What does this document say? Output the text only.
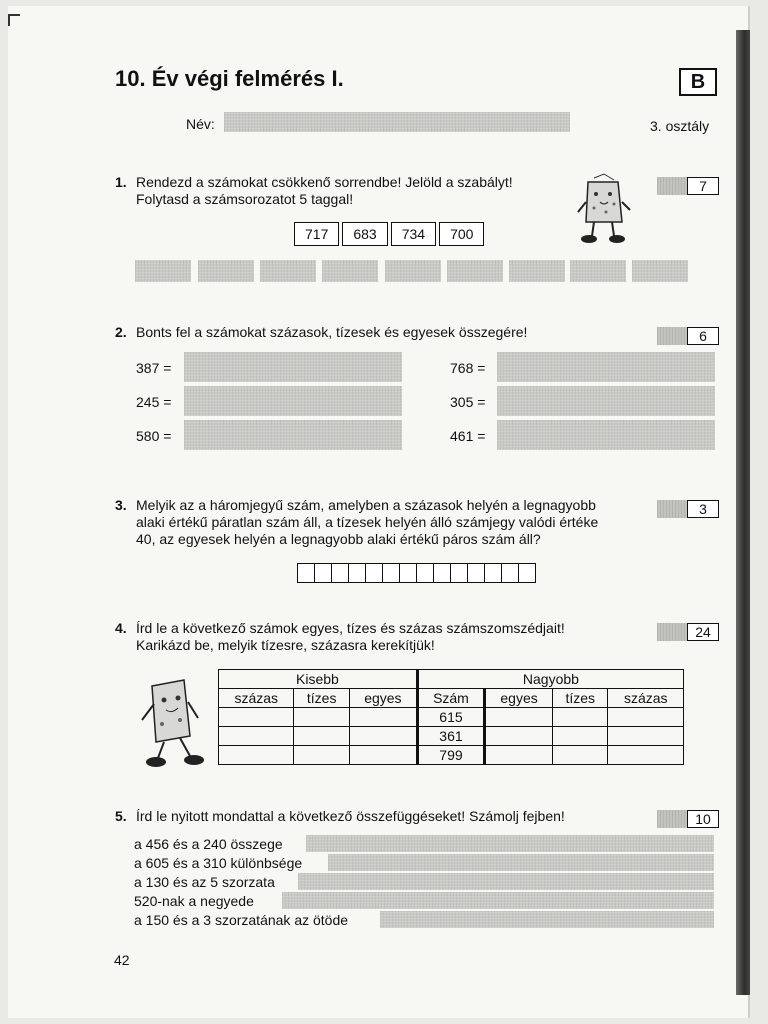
10. Év végi felmérés I.	B
Név:	3. osztály
1. Rendezd a számokat csökkenő sorrendbe! Jelöld a szabályt!
Folytasd a számsorozatot 5 taggal!
7
717 683 734 700
2. Bonts fel a számokat százasok, tízesek és egyesek összegére!	6
387 =
245 =
580 =
768 =
305 =
461 =
3. Melyik az a háromjegyű szám, amelyben a százasok helyén a legnagyobb
alaki értékű páratlan szám áll, a tízesek helyén álló számjegy valódi értéke
40, az egyesek helyén a legnagyobb alaki értékű páros szám áll?
3
4. Írd le a következő számok egyes, tízes és százas számszomszédjait!
Karikázd be, melyik tízesre, százasra kerekítjük!
24
Kisebb			Nagyobb			
százas	tízes	egyes	Szám	egyes	tízes	százas
			615			
			361			
			799			
5. Írd le nyitott mondattal a következő összefüggéseket! Számolj fejben!	10
a 456 és a 240 összege
a 605 és a 310 különbsége
a 130 és az 5 szorzata
520-nak a negyede
a 150 és a 3 szorzatának az ötöde
42
